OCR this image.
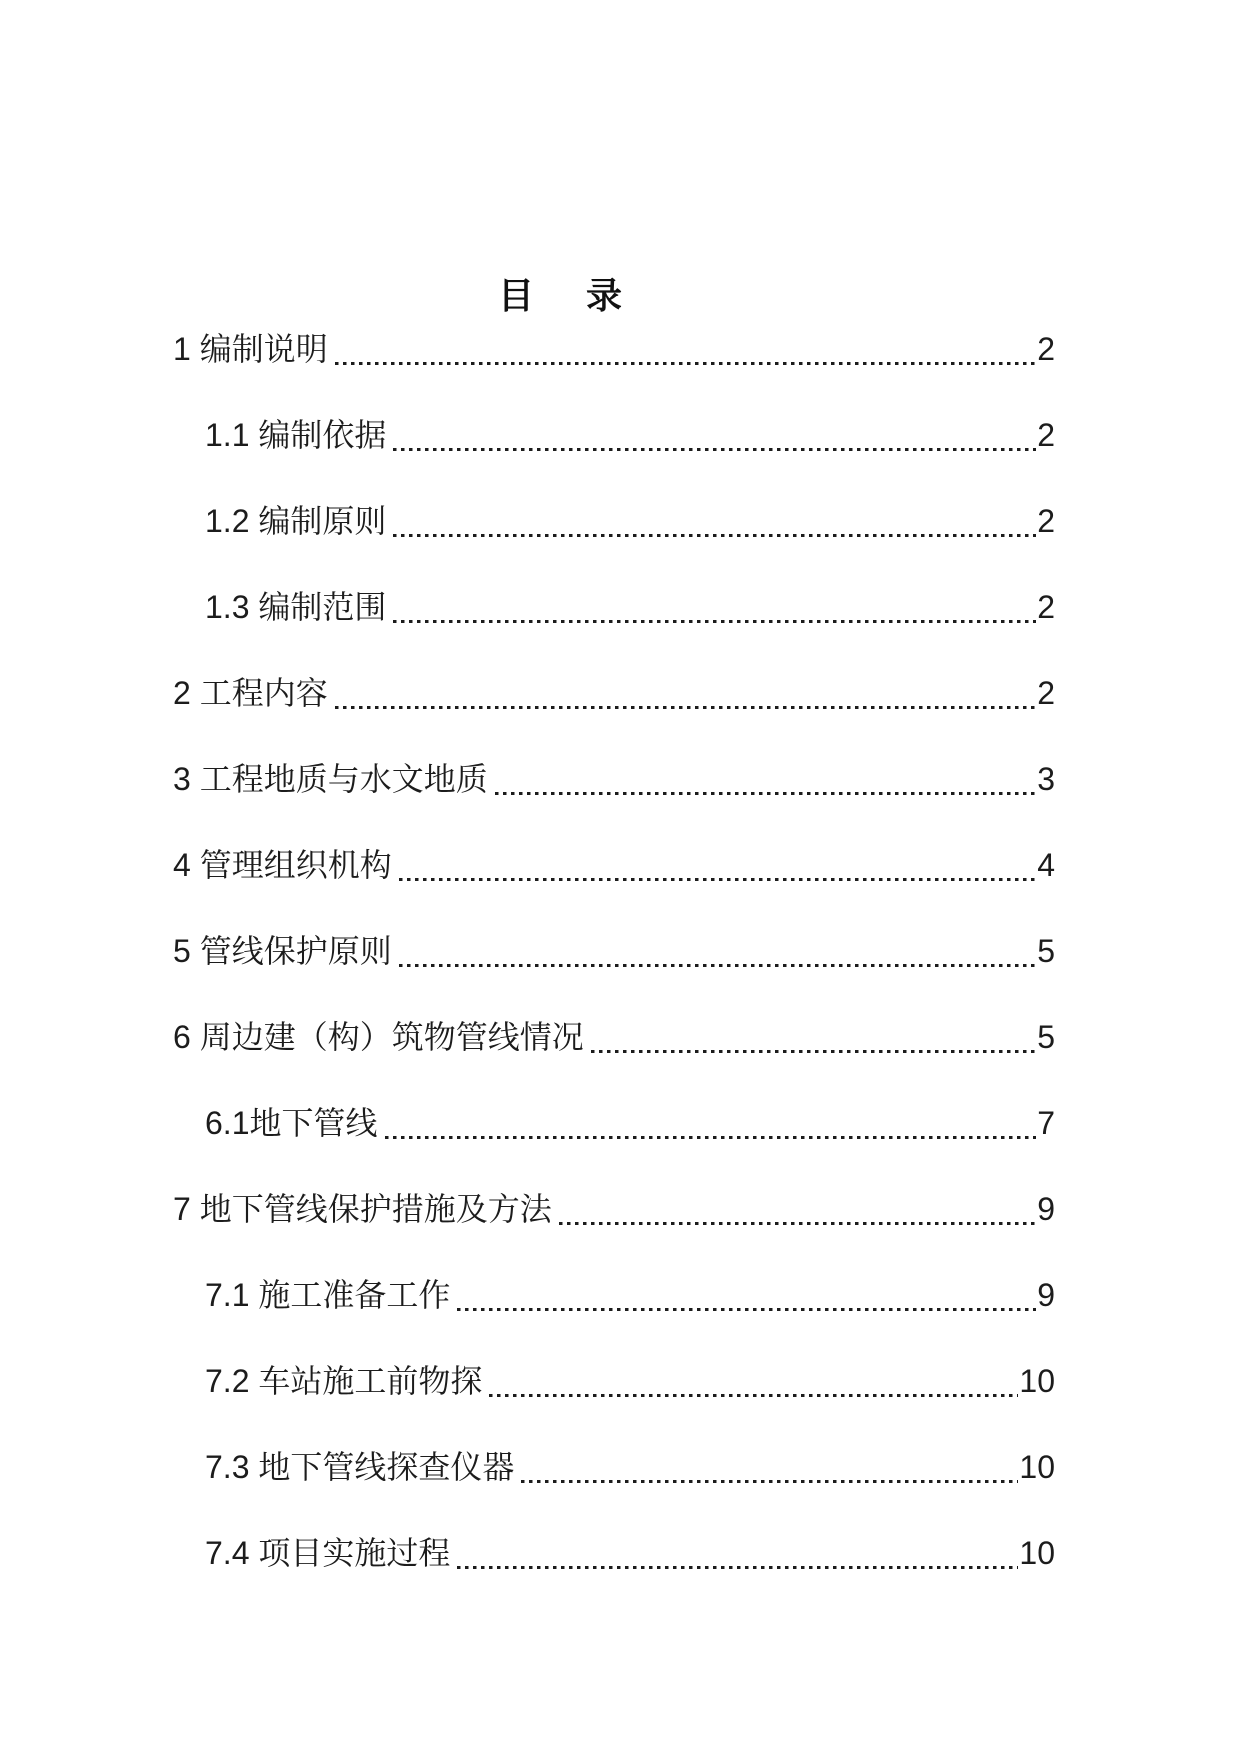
目　录
1 编制说明	2
1.1 编制依据	2
1.2 编制原则	2
1.3 编制范围	2
2 工程内容	2
3 工程地质与水文地质	3
4 管理组织机构	4
5 管线保护原则	5
6 周边建（构）筑物管线情况	5
6.1地下管线	7
7 地下管线保护措施及方法	9
7.1 施工准备工作	9
7.2 车站施工前物探	10
7.3 地下管线探查仪器	10
7.4 项目实施过程	10
